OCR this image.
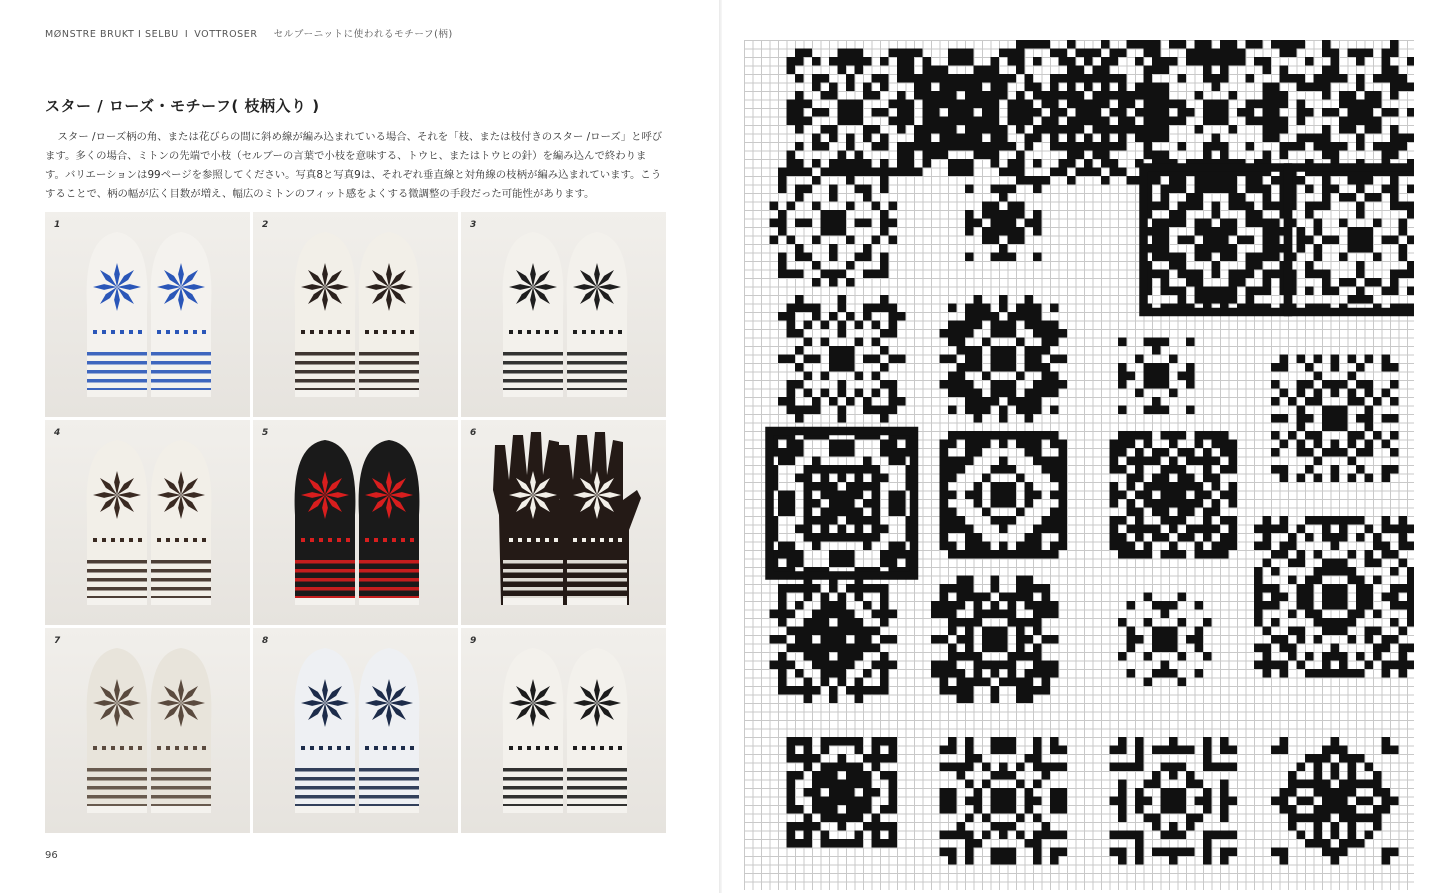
MØNSTRE BRUKT I SELBU I VOTTROSER セルブーニットに使われるモチーフ(柄)
スター / ローズ・モチーフ( 枝柄入り )

スター /ローズ柄の角、または花びらの間に斜め線が編み込まれている場合、それを「枝、または枝付きのスター /ローズ」と呼びます。多くの場合、ミトンの先端で小枝（セルブーの言葉で小枝を意味する、トウヒ、またはトウヒの針）を編み込んで終わります。バリエーションは99ページを参照してください。写真8と写真9は、それぞれ垂直線と対角線の枝柄が編み込まれています。こうすることで、柄の幅が広く目数が増え、幅広のミトンのフィット感をよくする微調整の手段だった可能性があります。

1	2	3
4	5	6
7	8	9
96
